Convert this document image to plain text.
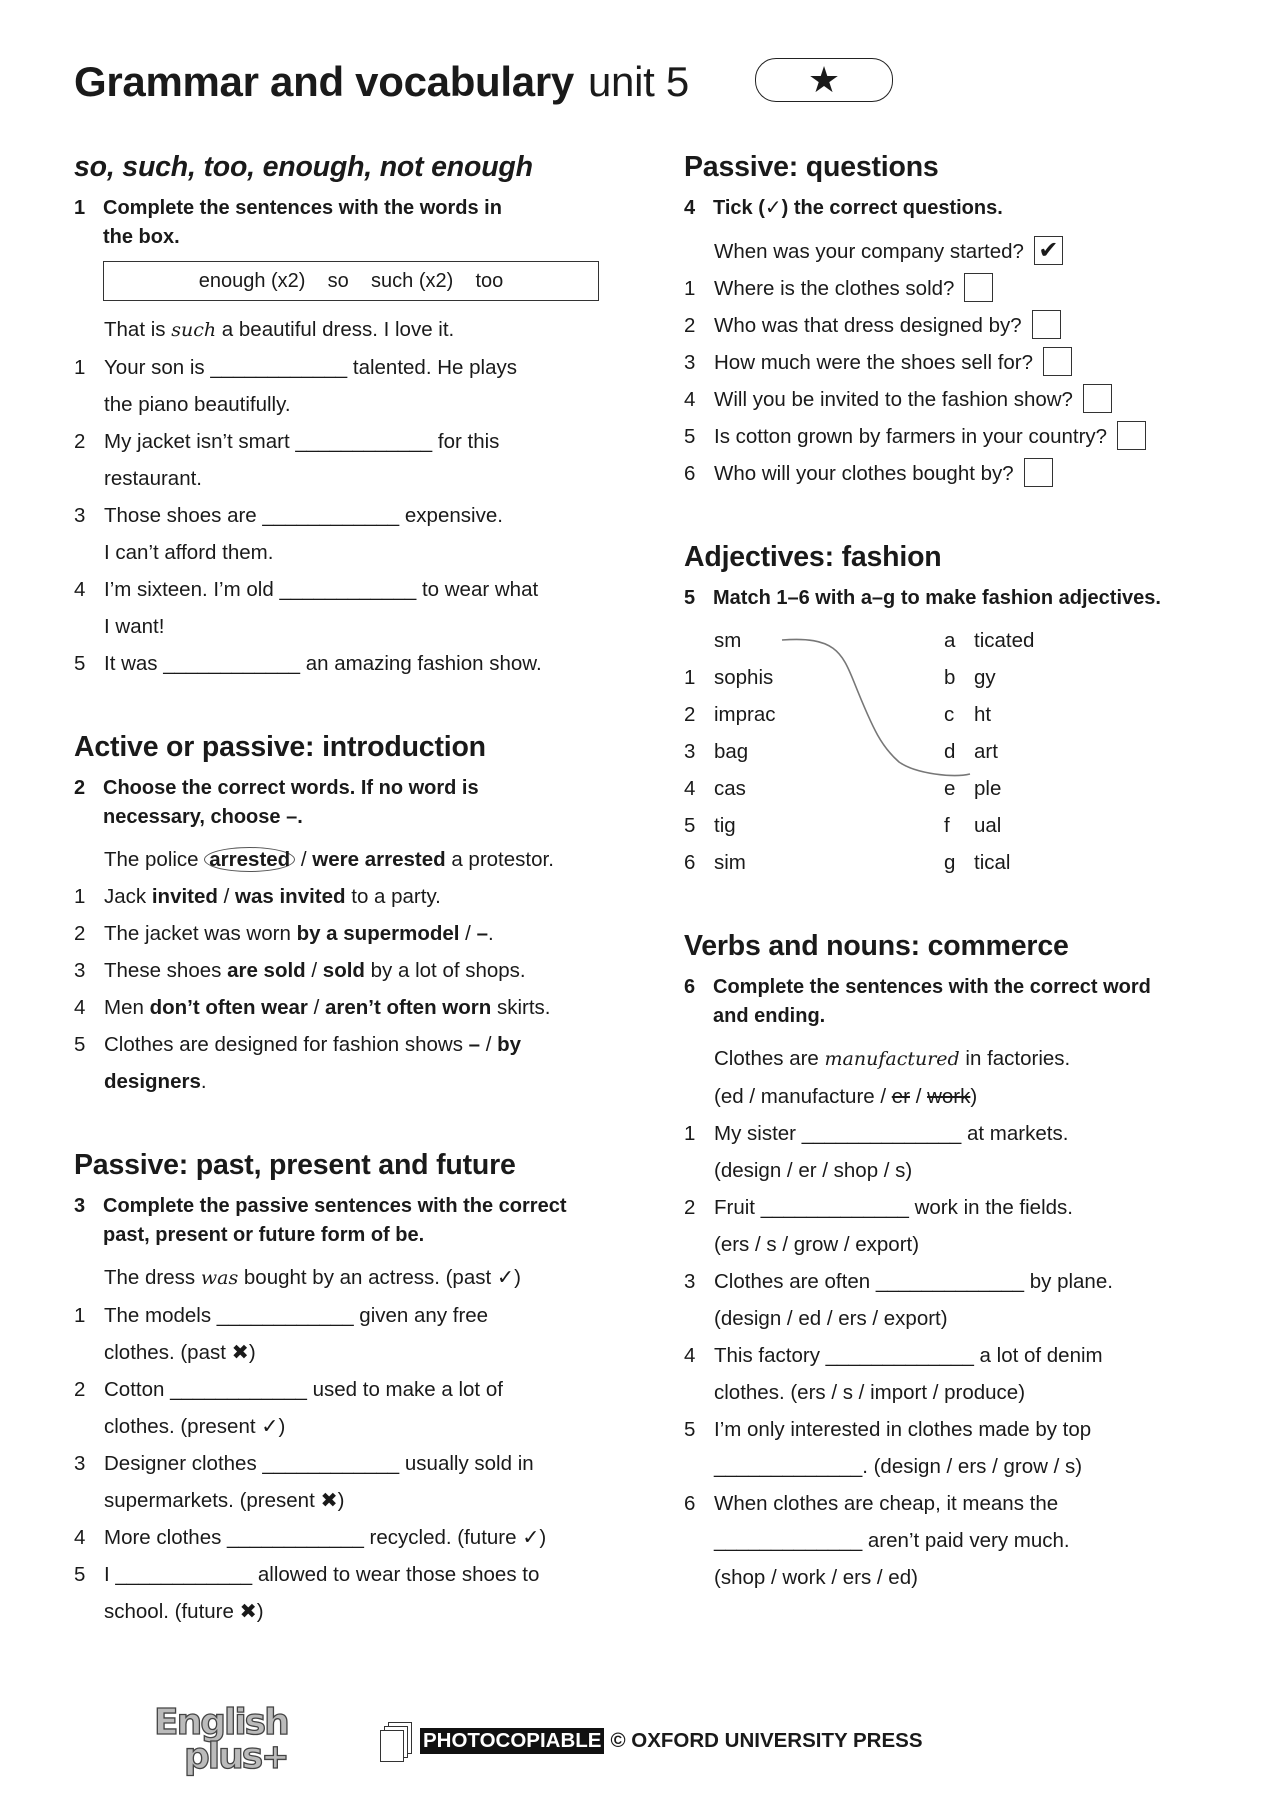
Grammar and vocabulary unit 5	★
so, such, too, enough, not enough
1 Complete the sentences with the words in
the box.
enough (x2)    so    such (x2)    too
That is such a beautiful dress. I love it.
1 Your son is ____________ talented. He plays
the piano beautifully.
2 My jacket isn’t smart ____________ for this
restaurant.
3 Those shoes are ____________ expensive.
I can’t afford them.
4 I’m sixteen. I’m old ____________ to wear what
I want!
5 It was ____________ an amazing fashion show.
Active or passive: introduction
2 Choose the correct words. If no word is
necessary, choose –.
The police arrested / were arrested a protestor.
1 Jack invited / was invited to a party.
2 The jacket was worn by a supermodel / –.
3 These shoes are sold / sold by a lot of shops.
4 Men don’t often wear / aren’t often worn skirts.
5 Clothes are designed for fashion shows – / by
designers.
Passive: past, present and future
3 Complete the passive sentences with the correct
past, present or future form of be.
The dress was bought by an actress. (past ✓)
1 The models ____________ given any free
clothes. (past ✖)
2 Cotton ____________ used to make a lot of
clothes. (present ✓)
3 Designer clothes ____________ usually sold in
supermarkets. (present ✖)
4 More clothes ____________ recycled. (future ✓)
5 I ____________ allowed to wear those shoes to
school. (future ✖)
Passive: questions
4 Tick (✓) the correct questions.
When was your company started? ✔
1 Where is the clothes sold?
2 Who was that dress designed by?
3 How much were the shoes sell for?
4 Will you be invited to the fashion show?
5 Is cotton grown by farmers in your country?
6 Who will your clothes bought by?
Adjectives: fashion
5 Match 1–6 with a–g to make fashion adjectives.
sm	a ticated
1 sophis	b gy
2 imprac	c ht
3 bag	d art
4 cas	e ple
5 tig	f	ual
6 sim	g tical
Verbs and nouns: commerce
6 Complete the sentences with the correct word
and ending.
Clothes are manufactured in factories.
(ed / manufacture / er / work)
1 My sister ______________ at markets.
(design / er / shop / s)
2 Fruit _____________ work in the fields.
(ers / s / grow / export)
3 Clothes are often _____________ by plane.
(design / ed / ers / export)
4 This factory _____________ a lot of denim
clothes. (ers / s / import / produce)
5 I’m only interested in clothes made by top
_____________. (design / ers / grow / s)
6 When clothes are cheap, it means the
_____________ aren’t paid very much.
(shop / work / ers / ed)
English
plus+	PHOTOCOPIABLE © OXFORD UNIVERSITY PRESS
